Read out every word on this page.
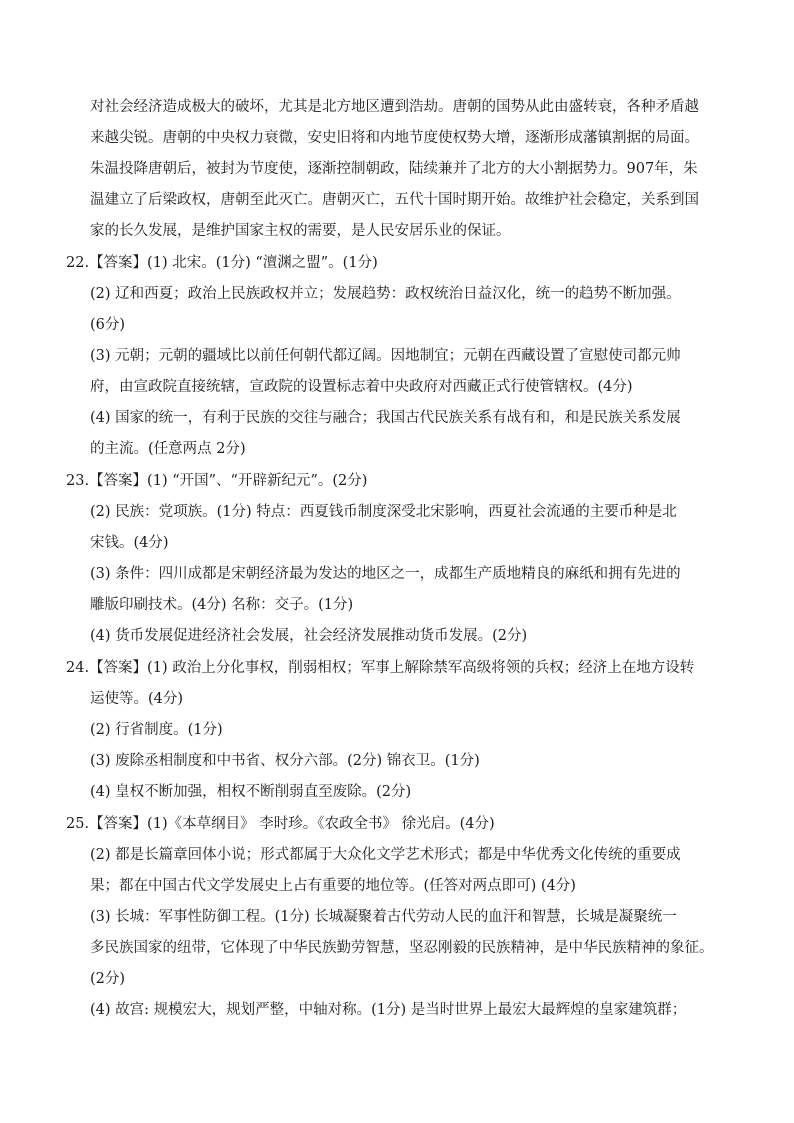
对社会经济造成极大的破坏，尤其是北方地区遭到浩劫。唐朝的国势从此由盛转衰，各种矛盾越
来越尖锐。唐朝的中央权力衰微，安史旧将和内地节度使权势大增，逐渐形成藩镇割据的局面。
朱温投降唐朝后，被封为节度使，逐渐控制朝政，陆续兼并了北方的大小割据势力。907年，朱
温建立了后梁政权，唐朝至此灭亡。唐朝灭亡，五代十国时期开始。故维护社会稳定，关系到国
家的长久发展，是维护国家主权的需要，是人民安居乐业的保证。
22.【答案】(1) 北宋。(1分) “澶渊之盟”。(1分)
(2) 辽和西夏；政治上民族政权并立；发展趋势：政权统治日益汉化，统一的趋势不断加强。
(6分)
(3) 元朝；元朝的疆域比以前任何朝代都辽阔。因地制宜；元朝在西藏设置了宣慰使司都元帅
府，由宣政院直接统辖，宣政院的设置标志着中央政府对西藏正式行使管辖权。(4分)
(4) 国家的统一，有利于民族的交往与融合；我国古代民族关系有战有和，和是民族关系发展
的主流。(任意两点 2分)
23.【答案】(1) “开国”、“开辟新纪元”。(2分)
(2) 民族：党项族。(1分) 特点：西夏钱币制度深受北宋影响，西夏社会流通的主要币种是北
宋钱。(4分)
(3) 条件：四川成都是宋朝经济最为发达的地区之一，成都生产质地精良的麻纸和拥有先进的
雕版印刷技术。(4分) 名称：交子。(1分)
(4) 货币发展促进经济社会发展，社会经济发展推动货币发展。(2分)
24.【答案】(1) 政治上分化事权，削弱相权；军事上解除禁军高级将领的兵权；经济上在地方设转
运使等。(4分)
(2) 行省制度。(1分)
(3) 废除丞相制度和中书省、权分六部。(2分) 锦衣卫。(1分)
(4) 皇权不断加强，相权不断削弱直至废除。(2分)
25.【答案】(1)《本草纲目》 李时珍。《农政全书》 徐光启。(4分)
(2) 都是长篇章回体小说；形式都属于大众化文学艺术形式；都是中华优秀文化传统的重要成
果；都在中国古代文学发展史上占有重要的地位等。(任答对两点即可) (4分)
(3) 长城：军事性防御工程。(1分) 长城凝聚着古代劳动人民的血汗和智慧，长城是凝聚统一
多民族国家的纽带，它体现了中华民族勤劳智慧，坚忍刚毅的民族精神，是中华民族精神的象征。
(2分)
(4) 故宫: 规模宏大，规划严整，中轴对称。(1分) 是当时世界上最宏大最辉煌的皇家建筑群；
